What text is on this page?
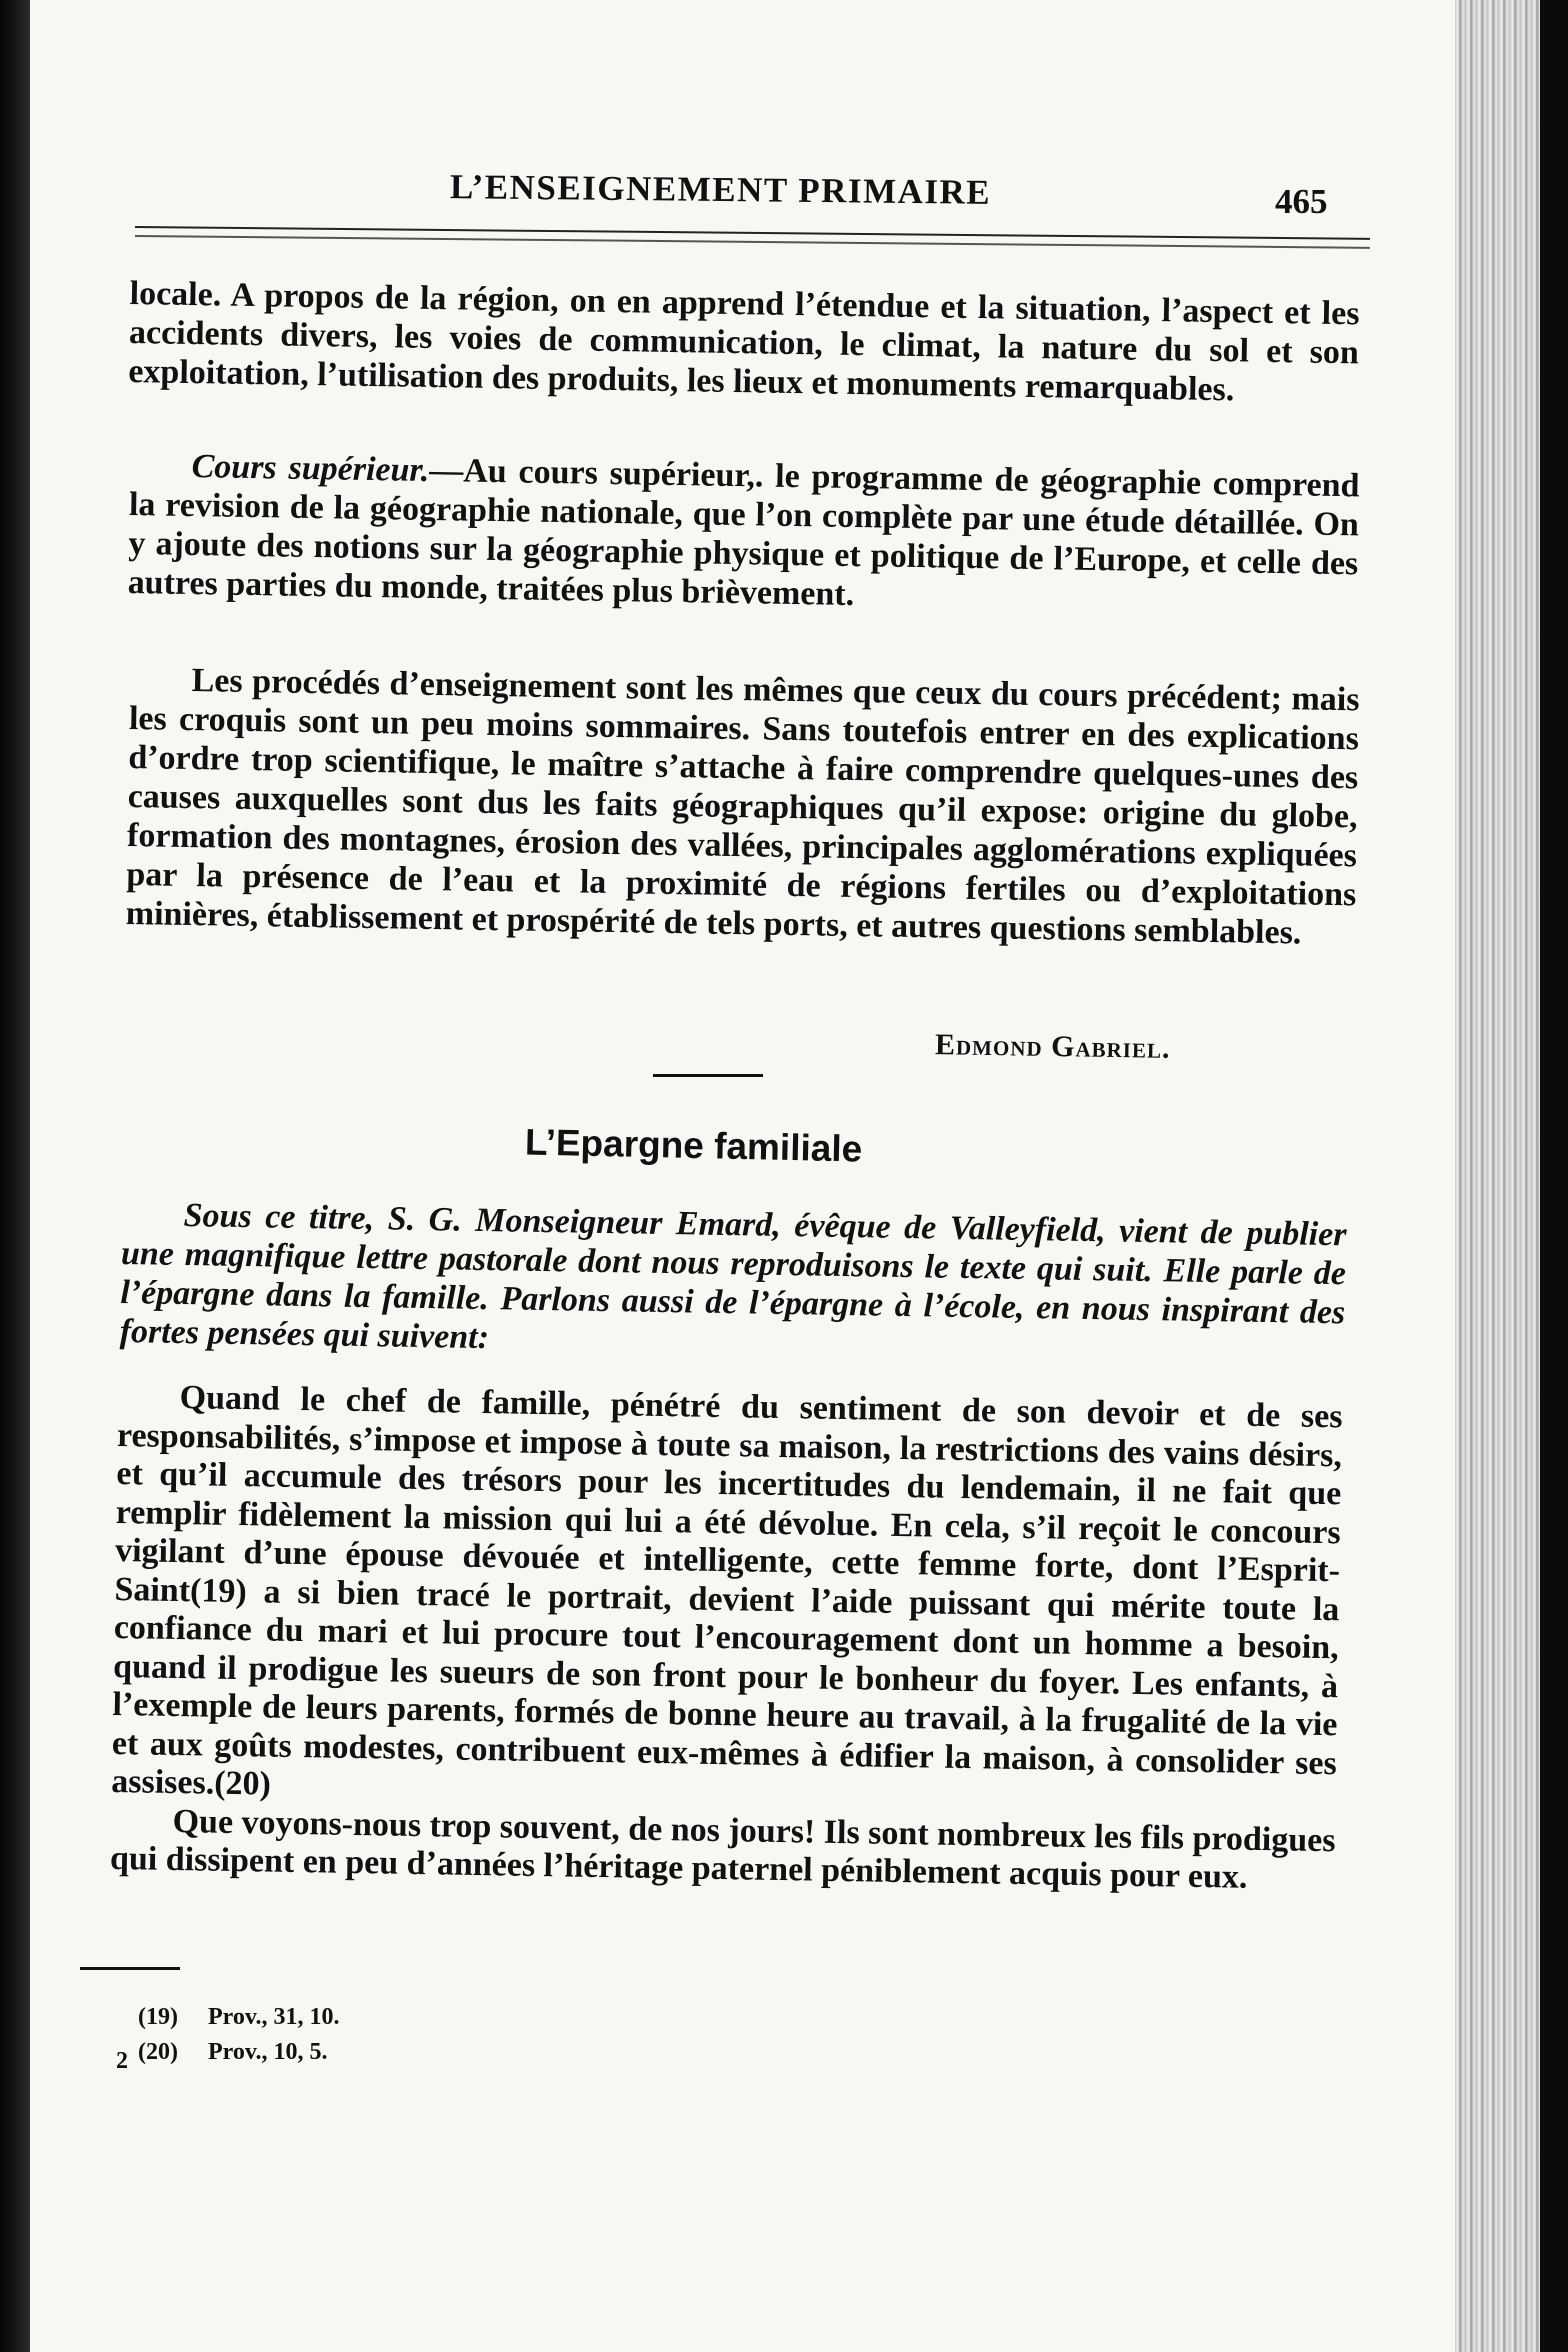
L’ENSEIGNEMENT PRIMAIRE	465

locale. A propos de la région, on en apprend l’étendue et la situation, l’aspect et les accidents divers, les voies de communication, le climat, la nature du sol et son exploitation, l’utilisation des produits, les lieux et monuments remarquables.

Cours supérieur.—Au cours supérieur,. le programme de géographie comprend la revision de la géographie nationale, que l’on complète par une étude détaillée. On y ajoute des notions sur la géographie physique et politique de l’Europe, et celle des autres parties du monde, traitées plus brièvement.

Les procédés d’enseignement sont les mêmes que ceux du cours précédent; mais les croquis sont un peu moins sommaires. Sans toutefois entrer en des explications d’ordre trop scientifique, le maître s’attache à faire comprendre quelques-unes des causes auxquelles sont dus les faits géographiques qu’il expose: origine du globe, formation des montagnes, érosion des vallées, principales agglomérations expliquées par la présence de l’eau et la proximité de régions fertiles ou d’exploitations minières, établissement et prospérité de tels ports, et autres questions semblables.

Edmond Gabriel.
L’Epargne familiale

Sous ce titre, S. G. Monseigneur Emard, évêque de Valleyfield, vient de publier une magnifique lettre pastorale dont nous reproduisons le texte qui suit. Elle parle de l’épargne dans la famille. Parlons aussi de l’épargne à l’école, en nous inspirant des fortes pensées qui suivent:

Quand le chef de famille, pénétré du sentiment de son devoir et de ses responsabilités, s’impose et impose à toute sa maison, la restrictions des vains désirs, et qu’il accumule des trésors pour les incertitudes du lendemain, il ne fait que remplir fidèlement la mission qui lui a été dévolue. En cela, s’il reçoit le concours vigilant d’une épouse dévouée et intelligente, cette femme forte, dont l’Esprit-Saint(19) a si bien tracé le portrait, devient l’aide puissant qui mérite toute la confiance du mari et lui procure tout l’encouragement dont un homme a besoin, quand il prodigue les sueurs de son front pour le bonheur du foyer. Les enfants, à l’exemple de leurs parents, formés de bonne heure au travail, à la frugalité de la vie et aux goûts modestes, contribuent eux-mêmes à édifier la maison, à consolider ses assises.(20)

Que voyons-nous trop souvent, de nos jours! Ils sont nombreux les fils prodigues qui dissipent en peu d’années l’héritage paternel péniblement acquis pour eux.

(19) Prov., 31, 10.
(20) Prov., 10, 5.
2
